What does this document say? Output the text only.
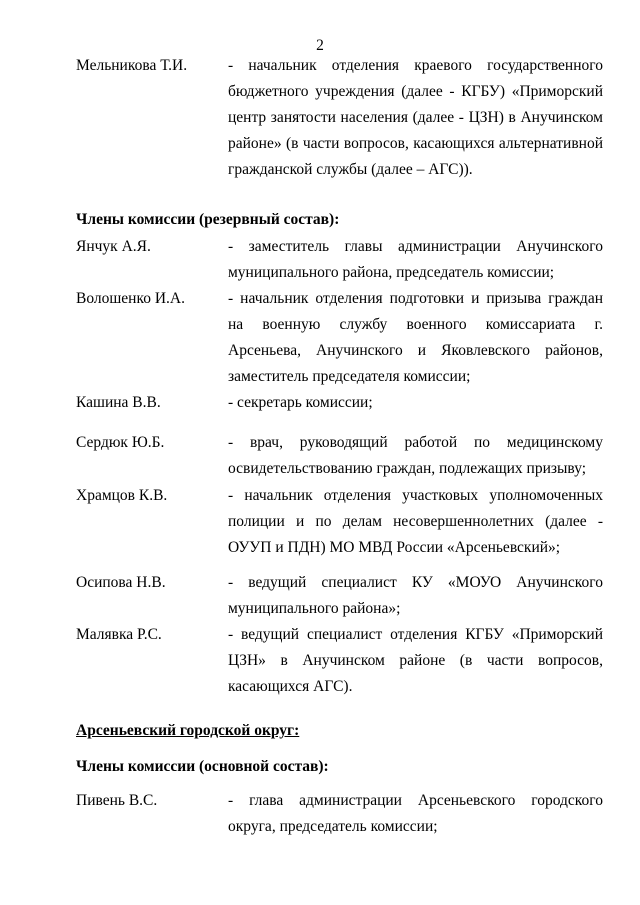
2
Мельникова Т.И.	- начальник отделения краевого государственного бюджетного учреждения (далее - КГБУ) «Приморский центр занятости населения (далее - ЦЗН) в Анучинском районе» (в части вопросов, касающихся альтернативной гражданской службы (далее – АГС)).
Члены комиссии (резервный состав):
Янчук А.Я.	- заместитель главы администрации Анучинского муниципального района, председатель комиссии;
Волошенко И.А.	- начальник отделения подготовки и призыва граждан на военную службу военного комиссариата г. Арсеньева, Анучинского и Яковлевского районов, заместитель председателя комиссии;
Кашина В.В.	- секретарь комиссии;
Сердюк Ю.Б.	- врач, руководящий работой по медицинскому освидетельствованию граждан, подлежащих призыву;
Храмцов К.В.	- начальник отделения участковых уполномоченных полиции и по делам несовершеннолетних (далее - ОУУП и ПДН) МО МВД России «Арсеньевский»;
Осипова Н.В.	- ведущий специалист КУ «МОУО Анучинского муниципального района»;
Малявка Р.С.	- ведущий специалист отделения КГБУ «Приморский ЦЗН» в Анучинском районе (в части вопросов, касающихся АГС).
Арсеньевский городской округ:
Члены комиссии (основной состав):
Пивень В.С.	- глава администрации Арсеньевского городского округа, председатель комиссии;
